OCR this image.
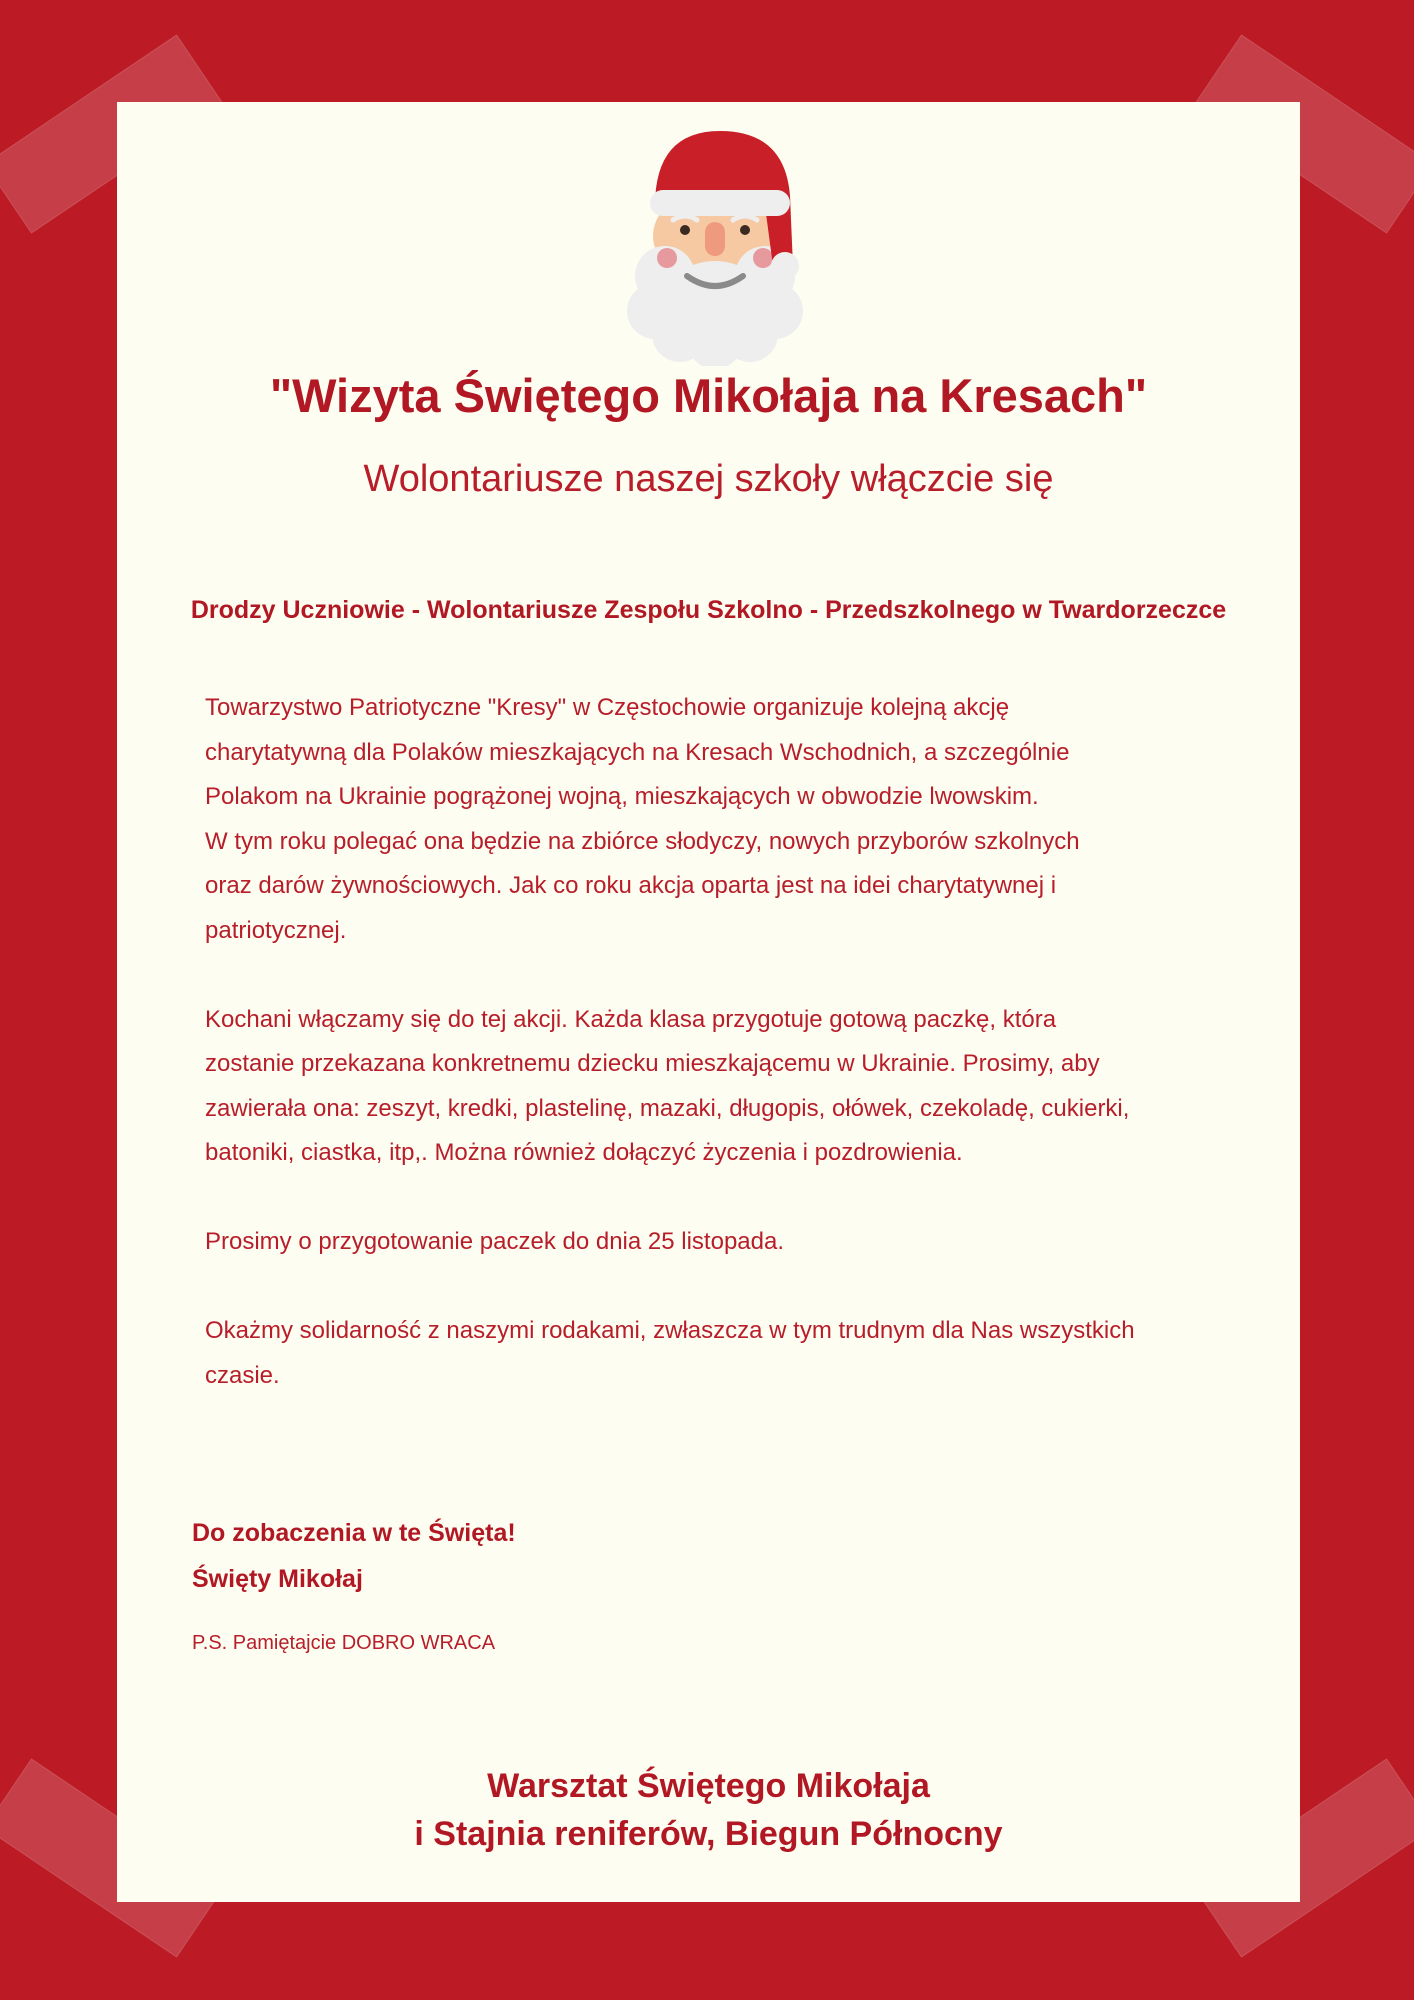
"Wizyta Świętego Mikołaja na Kresach"
Wolontariusze naszej szkoły włączcie się
Drodzy Uczniowie - Wolontariusze Zespołu Szkolno - Przedszkolnego w Twardorzeczce

Towarzystwo Patriotyczne "Kresy" w Częstochowie organizuje kolejną akcję

charytatywną dla Polaków mieszkających na Kresach Wschodnich, a szczególnie

Polakom na Ukrainie pogrążonej wojną, mieszkających w obwodzie lwowskim.

W tym roku polegać ona będzie na zbiórce słodyczy, nowych przyborów szkolnych

oraz darów żywnościowych. Jak co roku akcja oparta jest na idei charytatywnej i

patriotycznej.

Kochani włączamy się do tej akcji. Każda klasa przygotuje gotową paczkę, która

zostanie przekazana konkretnemu dziecku mieszkającemu w Ukrainie. Prosimy, aby

zawierała ona: zeszyt, kredki, plastelinę, mazaki, długopis, ołówek, czekoladę, cukierki,

batoniki, ciastka, itp,. Można również dołączyć życzenia i pozdrowienia.

Prosimy o przygotowanie paczek do dnia 25 listopada.

Okażmy solidarność z naszymi rodakami, zwłaszcza w tym trudnym dla Nas wszystkich

czasie.

Do zobaczenia w te Święta!
Święty Mikołaj
P.S. Pamiętajcie DOBRO WRACA
Warsztat Świętego Mikołaja
i Stajnia reniferów, Biegun Północny
